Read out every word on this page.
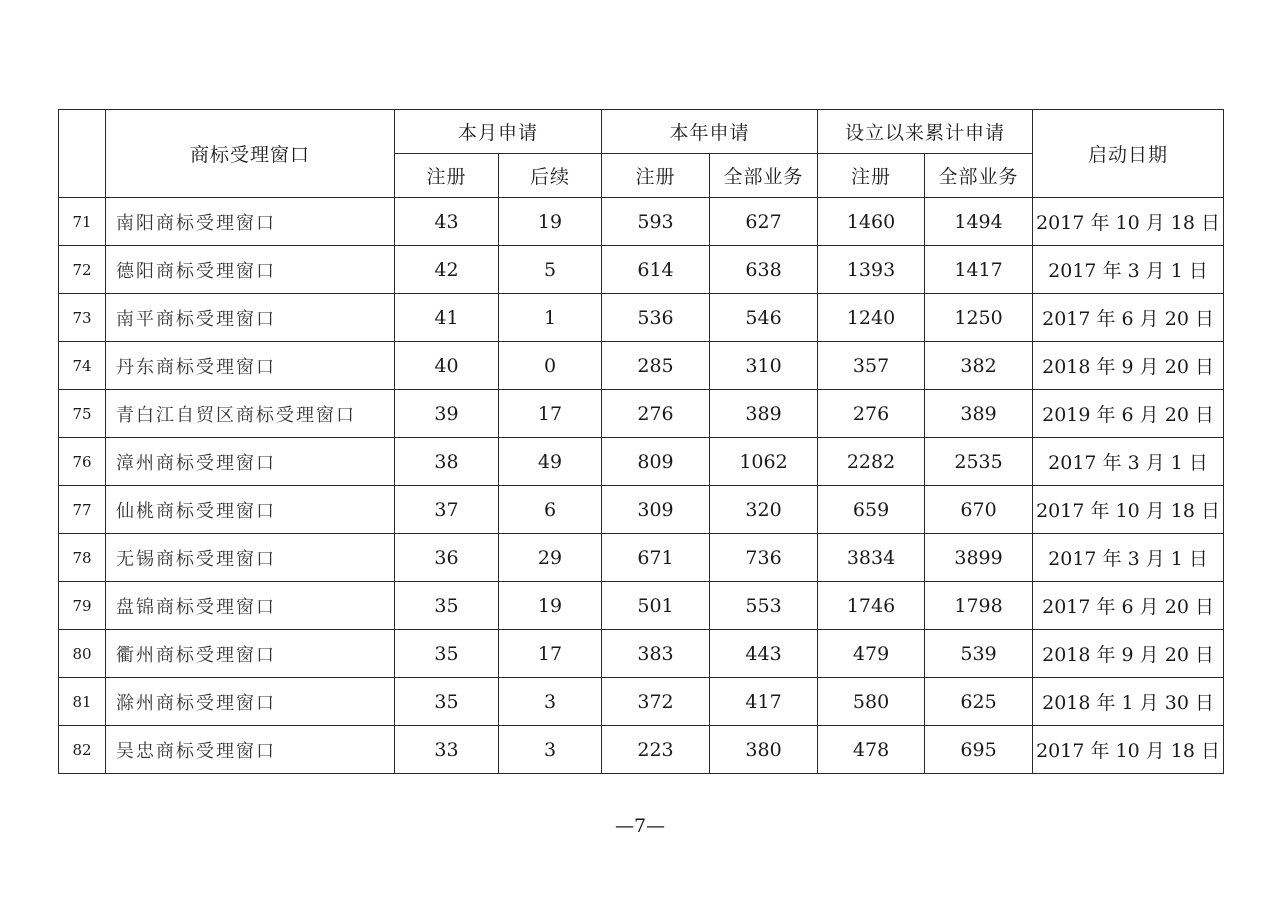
	商标受理窗口	本月申请		本年申请		设立以来累计申请		启动日期
		注册	后续	注册	全部业务	注册	全部业务	
71	南阳商标受理窗口	43	19	593	627	1460	1494	2017 年 10 月 18 日
72	德阳商标受理窗口	42	5	614	638	1393	1417	2017 年 3 月 1 日
73	南平商标受理窗口	41	1	536	546	1240	1250	2017 年 6 月 20 日
74	丹东商标受理窗口	40	0	285	310	357	382	2018 年 9 月 20 日
75	青白江自贸区商标受理窗口	39	17	276	389	276	389	2019 年 6 月 20 日
76	漳州商标受理窗口	38	49	809	1062	2282	2535	2017 年 3 月 1 日
77	仙桃商标受理窗口	37	6	309	320	659	670	2017 年 10 月 18 日
78	无锡商标受理窗口	36	29	671	736	3834	3899	2017 年 3 月 1 日
79	盘锦商标受理窗口	35	19	501	553	1746	1798	2017 年 6 月 20 日
80	衢州商标受理窗口	35	17	383	443	479	539	2018 年 9 月 20 日
81	滁州商标受理窗口	35	3	372	417	580	625	2018 年 1 月 30 日
82	吴忠商标受理窗口	33	3	223	380	478	695	2017 年 10 月 18 日
—7—
